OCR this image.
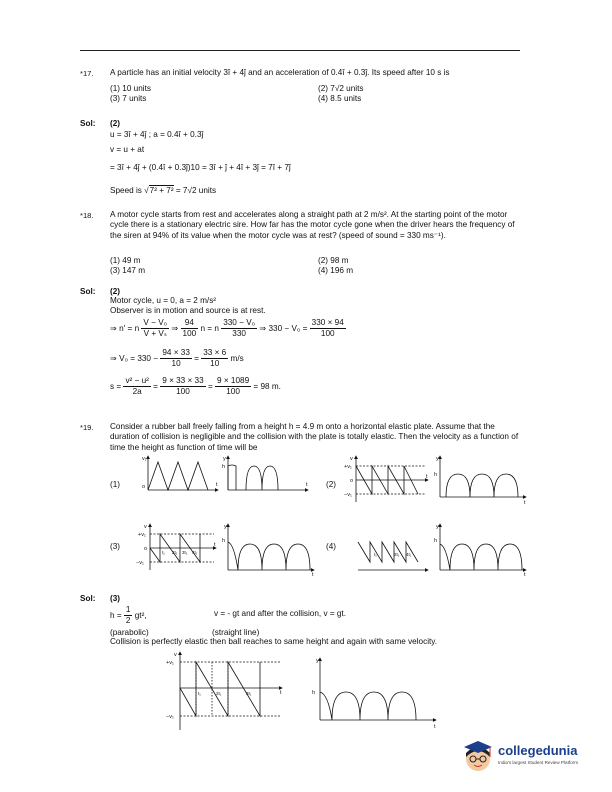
*17. A particle has an initial velocity 3î + 4ĵ and an acceleration of 0.4î + 0.3ĵ. Its speed after 10 s is
(1) 10 units	(2) 7√2 units
(3) 7 units	(4) 8.5 units
Sol: (2)
u = 3î + 4ĵ ; a = 0.4î + 0.3ĵ
v = u + at
= 3î + 4ĵ + (0.4î + 0.3ĵ)10 = 3î + ĵ + 4î + 3ĵ = 7î + 7ĵ
Speed is √7² + 7² = 7√2 units
*18. A motor cycle starts from rest and accelerates along a straight path at 2 m/s². At the starting point of the motor cycle there is a stationary electric sire. How far has the motor cycle gone when the driver hears the frequency of the siren at 94% of its value when the motor cycle was at rest? (speed of sound = 330 ms⁻¹).
(1) 49 m	(2) 98 m
(3) 147 m	(4) 196 m
Sol: (2)
Motor cycle, u = 0, a = 2 m/s²
Observer is in motion and source is at rest.
⇒ n' = n $\frac{\text{V − V₀}}{\text{V + Vₛ}}$ ⇒ $\frac{94}{100}$ n = n $\frac{\text{330 − V₀}}{330}$ ⇒ $330 - V_0 = \frac{330 \times 94}{100}$
⇒ $V_0 = 330 - \frac{94 \times 33}{10} = \frac{33 \times 6}{10} m/s$
$s = \frac{\text{v² − u²}}{2a} = \frac{9 \times 33 \times 33}{100} = \frac{9 \times 1089}{100} = 98$ m.
*19. Consider a rubber ball freely falling from a height h = 4.9 m onto a horizontal elastic plate. Assume that the duration of collision is negligible and the collision with the plate is totally elastic. Then the velocity as a function of time the height as function of time will be
(1)	(2)
(3)	(4)
v₁
o	t
y
h
t
v
+v₁
o
−v₁
t
y
h
t
v
+v₁
o
−v₁
t₁ 2t₁ 3t₁ 4t₁
t
y
h
t
t₁	2t₁ 4t₁
y
h
t
Sol: (3)
$h = \frac{1}{2} gt^2$,	v = - gt and after the collision, v = gt.
(parabolic)	(straight line)
Collision is perfectly elastic then ball reaches to same height and again with same velocity.
v
+v₁
−v₁
t₁	2t₁	3t₁	t
y
h
t
collegedunia
India's largest Student Review Platform
